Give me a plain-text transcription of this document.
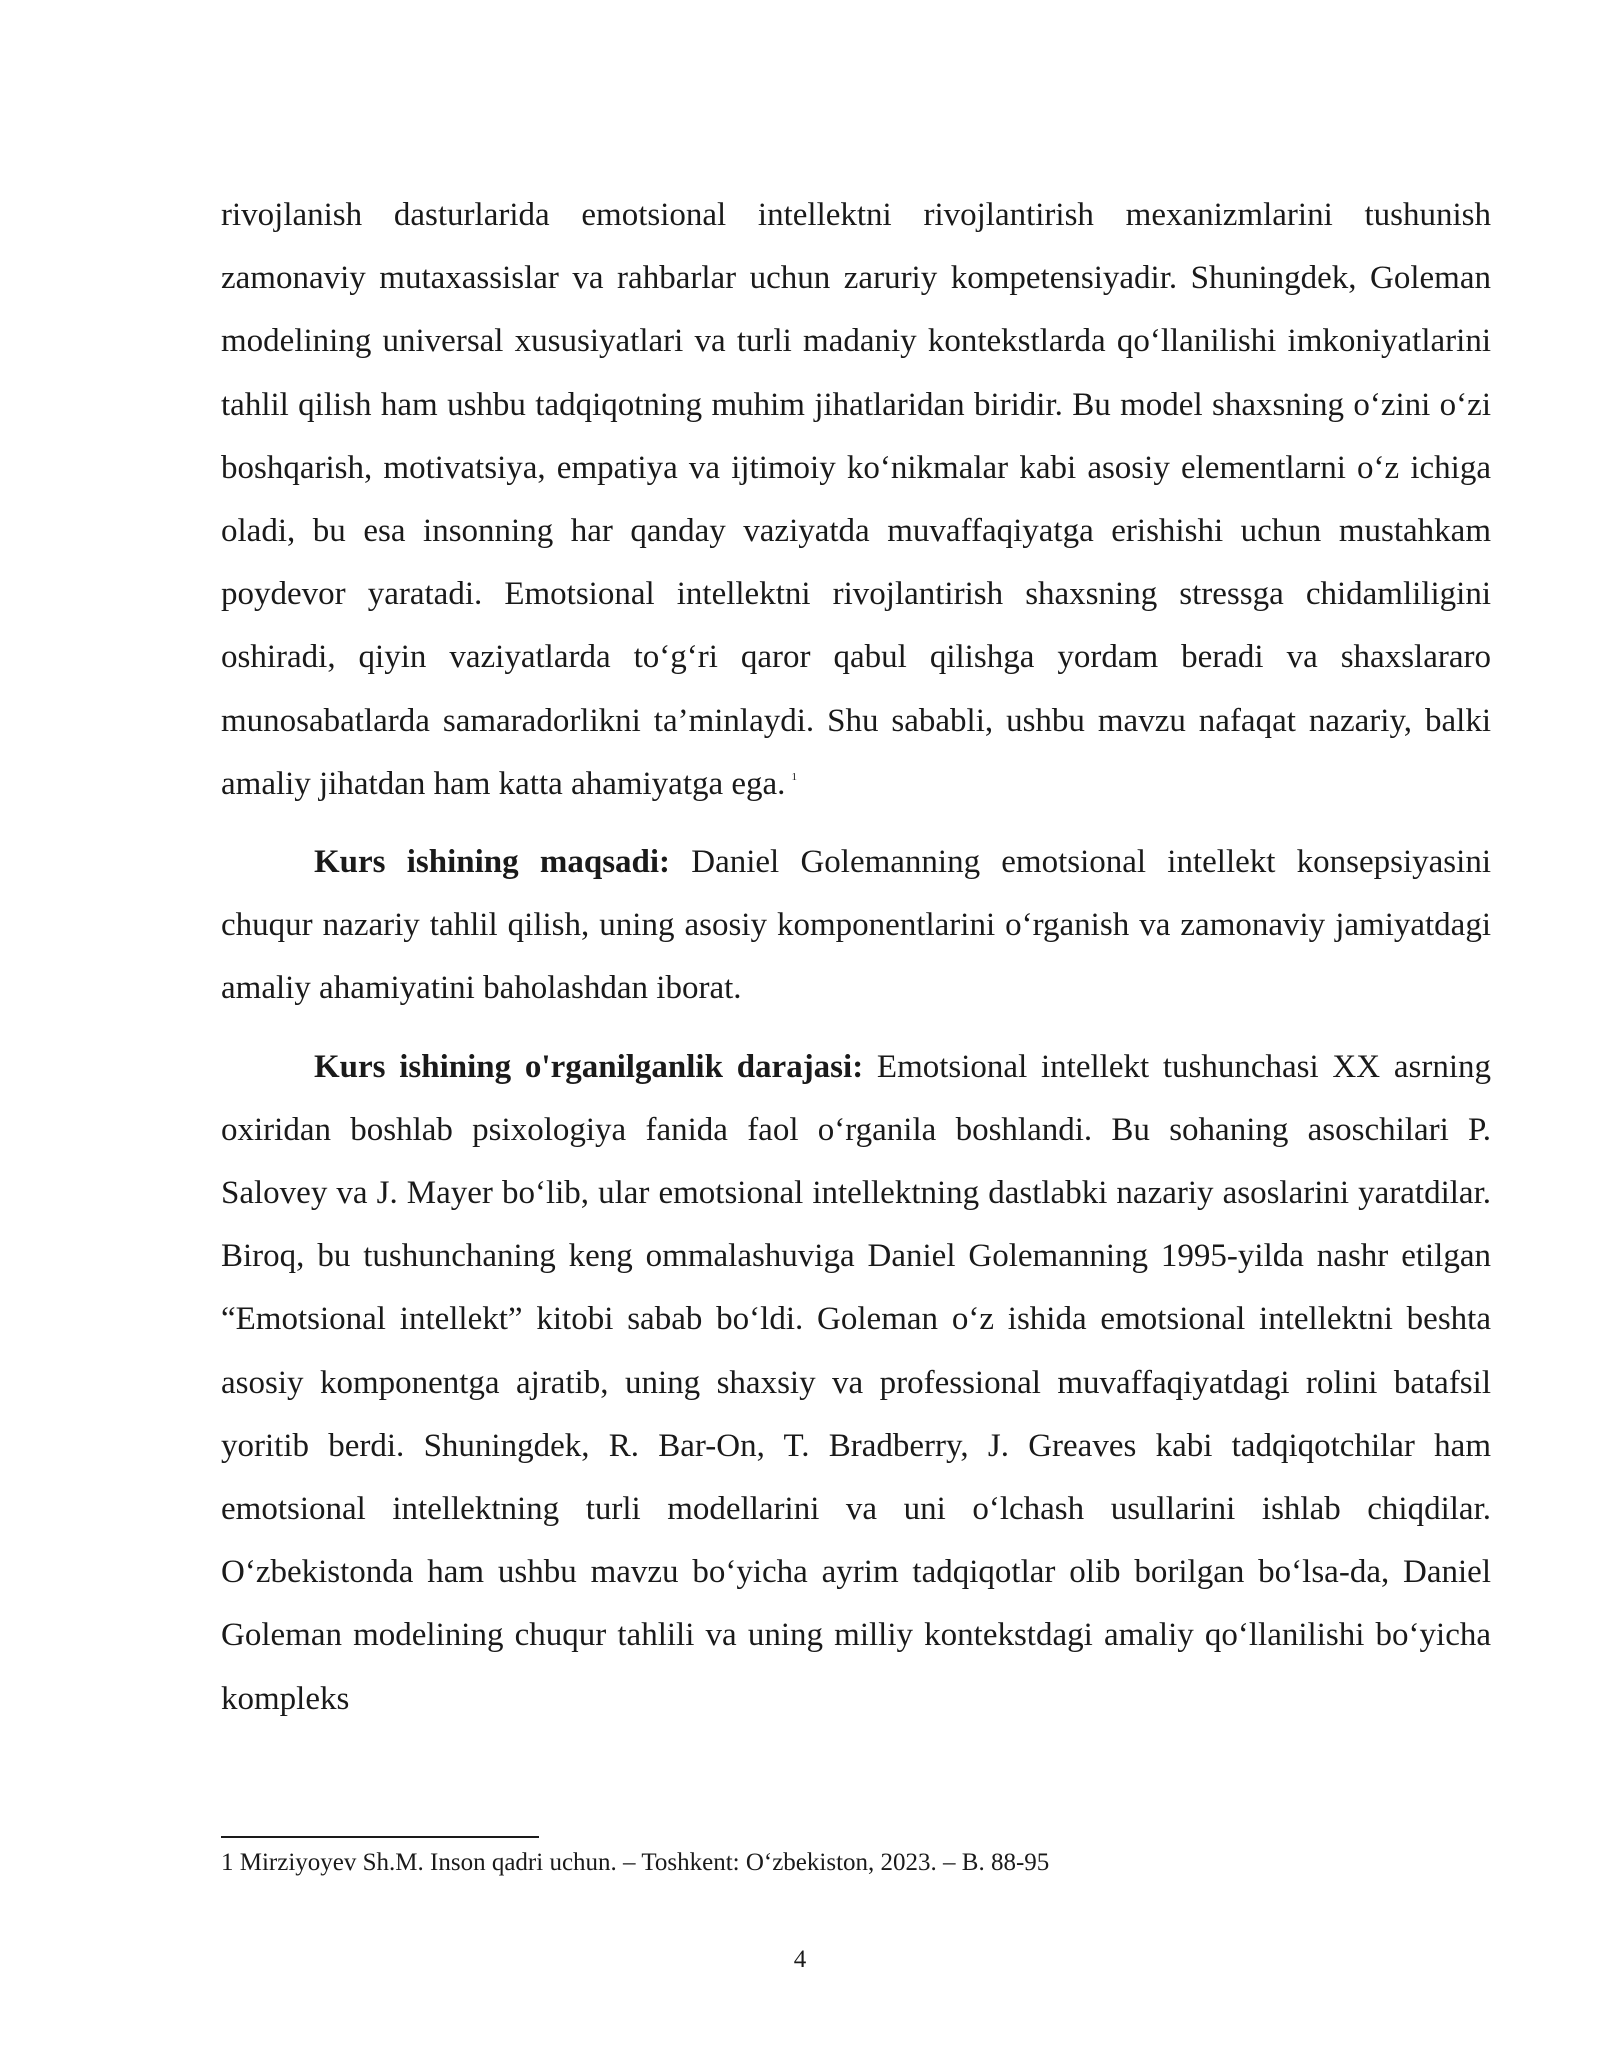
rivojlanish dasturlarida emotsional intellektni rivojlantirish mexanizmlarini tushunish zamonaviy mutaxassislar va rahbarlar uchun zaruriy kompetensiyadir. Shuningdek, Goleman modelining universal xususiyatlari va turli madaniy kontekstlarda qo‘llanilishi imkoniyatlarini tahlil qilish ham ushbu tadqiqotning muhim jihatlaridan biridir. Bu model shaxsning o‘zini o‘zi boshqarish, motivatsiya, empatiya va ijtimoiy ko‘nikmalar kabi asosiy elementlarni o‘z ichiga oladi, bu esa insonning har qanday vaziyatda muvaffaqiyatga erishishi uchun mustahkam poydevor yaratadi. Emotsional intellektni rivojlantirish shaxsning stressga chidamliligini oshiradi, qiyin vaziyatlarda to‘g‘ri qaror qabul qilishga yordam beradi va shaxslararo munosabatlarda samaradorlikni ta’minlaydi. Shu sababli, ushbu mavzu nafaqat nazariy, balki amaliy jihatdan ham katta ahamiyatga ega. $^1$

Kurs ishining maqsadi: Daniel Golemanning emotsional intellekt konsepsiyasini chuqur nazariy tahlil qilish, uning asosiy komponentlarini o‘rganish va zamonaviy jamiyatdagi amaliy ahamiyatini baholashdan iborat.

Kurs ishining o'rganilganlik darajasi: Emotsional intellekt tushunchasi XX asrning oxiridan boshlab psixologiya fanida faol o‘rganila boshlandi. Bu sohaning asoschilari P. Salovey va J. Mayer bo‘lib, ular emotsional intellektning dastlabki nazariy asoslarini yaratdilar. Biroq, bu tushunchaning keng ommalashuviga Daniel Golemanning 1995-yilda nashr etilgan “Emotsional intellekt” kitobi sabab bo‘ldi. Goleman o‘z ishida emotsional intellektni beshta asosiy komponentga ajratib, uning shaxsiy va professional muvaffaqiyatdagi rolini batafsil yoritib berdi. Shuningdek, R. Bar-On, T. Bradberry, J. Greaves kabi tadqiqotchilar ham emotsional intellektning turli modellarini va uni o‘lchash usullarini ishlab chiqdilar. O‘zbekistonda ham ushbu mavzu bo‘yicha ayrim tadqiqotlar olib borilgan bo‘lsa-da, Daniel Goleman modelining chuqur tahlili va uning milliy kontekstdagi amaliy qo‘llanilishi bo‘yicha kompleks

1 Mirziyoyev Sh.M. Inson qadri uchun. – Toshkent: O‘zbekiston, 2023. – B. 88-95
4
